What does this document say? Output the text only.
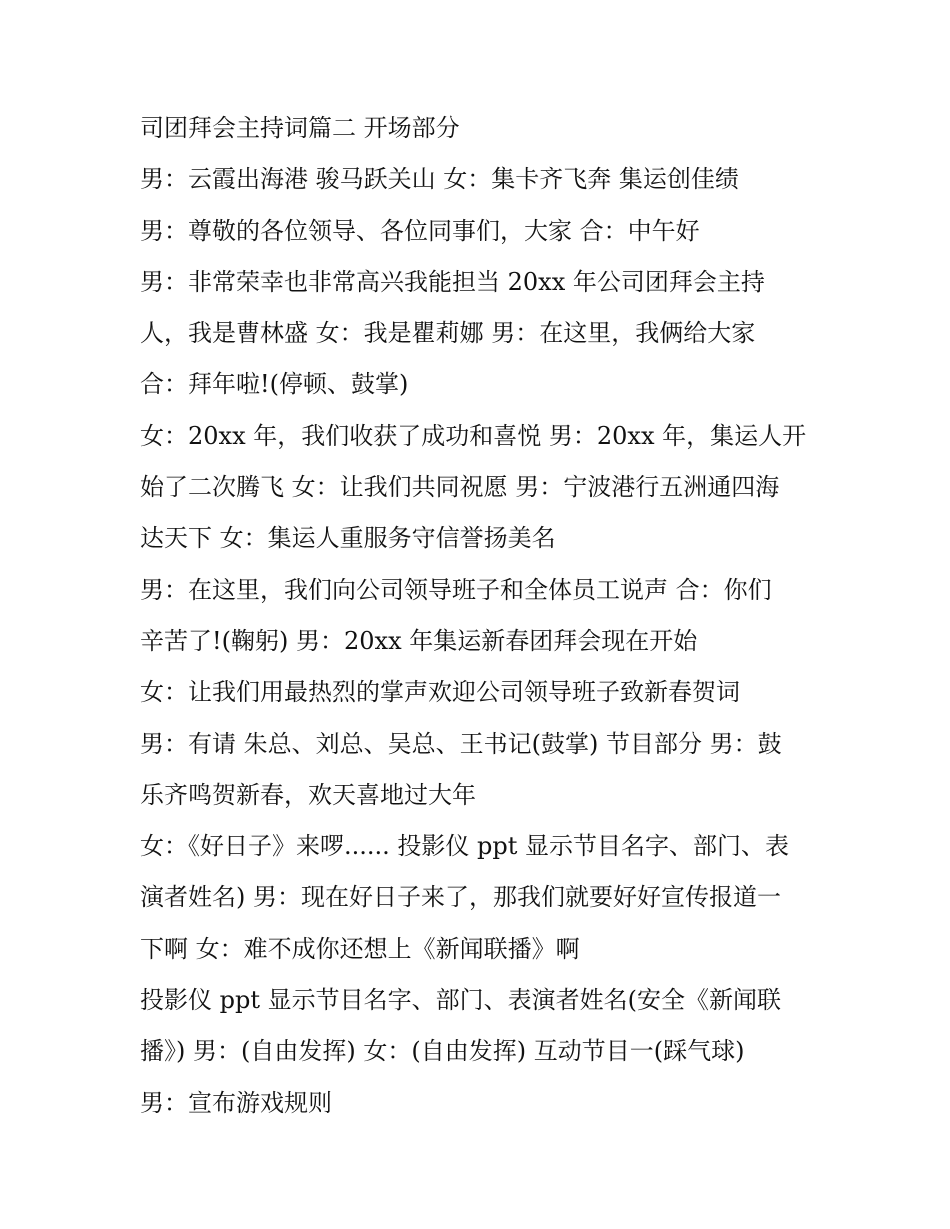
司团拜会主持词篇二 开场部分
男：云霞出海港 骏马跃关山 女：集卡齐飞奔 集运创佳绩
男：尊敬的各位领导、各位同事们，大家 合：中午好
男：非常荣幸也非常高兴我能担当 20xx 年公司团拜会主持
人，我是曹林盛 女：我是瞿莉娜 男：在这里，我俩给大家
合：拜年啦!(停顿、鼓掌)
女：20xx 年，我们收获了成功和喜悦 男：20xx 年，集运人开
始了二次腾飞 女：让我们共同祝愿 男：宁波港行五洲通四海
达天下 女：集运人重服务守信誉扬美名
男：在这里，我们向公司领导班子和全体员工说声 合：你们
辛苦了!(鞠躬) 男：20xx 年集运新春团拜会现在开始
女：让我们用最热烈的掌声欢迎公司领导班子致新春贺词
男：有请 朱总、刘总、吴总、王书记(鼓掌) 节目部分 男：鼓
乐齐鸣贺新春，欢天喜地过大年
女：《好日子》来啰...... 投影仪 ppt 显示节目名字、部门、表
演者姓名) 男：现在好日子来了，那我们就要好好宣传报道一
下啊 女：难不成你还想上《新闻联播》啊
投影仪 ppt 显示节目名字、部门、表演者姓名(安全《新闻联
播》) 男：(自由发挥) 女：(自由发挥) 互动节目一(踩气球)
男：宣布游戏规则
